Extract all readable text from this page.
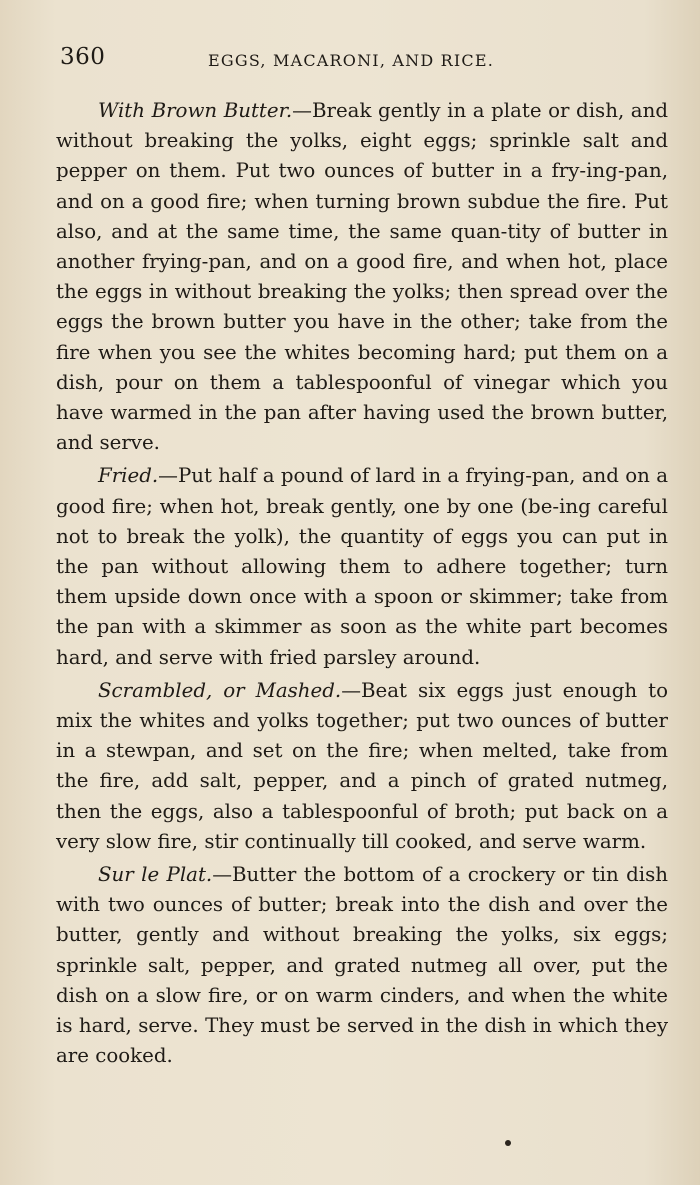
360	EGGS, MACARONI, AND RICE.

With Brown Butter.—Break gently in a plate or dish, and without breaking the yolks, eight eggs; sprinkle salt and pepper on them. Put two ounces of butter in a fry-ing-pan, and on a good fire; when turning brown subdue the fire. Put also, and at the same time, the same quan-tity of butter in another frying-pan, and on a good fire, and when hot, place the eggs in without breaking the yolks; then spread over the eggs the brown butter you have in the other; take from the fire when you see the whites becoming hard; put them on a dish, pour on them a tablespoonful of vinegar which you have warmed in the pan after having used the brown butter, and serve.

Fried.—Put half a pound of lard in a frying-pan, and on a good fire; when hot, break gently, one by one (be-ing careful not to break the yolk), the quantity of eggs you can put in the pan without allowing them to adhere together; turn them upside down once with a spoon or skimmer; take from the pan with a skimmer as soon as the white part becomes hard, and serve with fried parsley around.

Scrambled, or Mashed.—Beat six eggs just enough to mix the whites and yolks together; put two ounces of butter in a stewpan, and set on the fire; when melted, take from the fire, add salt, pepper, and a pinch of grated nutmeg, then the eggs, also a tablespoonful of broth; put back on a very slow fire, stir continually till cooked, and serve warm.

Sur le Plat.—Butter the bottom of a crockery or tin dish with two ounces of butter; break into the dish and over the butter, gently and without breaking the yolks, six eggs; sprinkle salt, pepper, and grated nutmeg all over, put the dish on a slow fire, or on warm cinders, and when the white is hard, serve. They must be served in the dish in which they are cooked.
